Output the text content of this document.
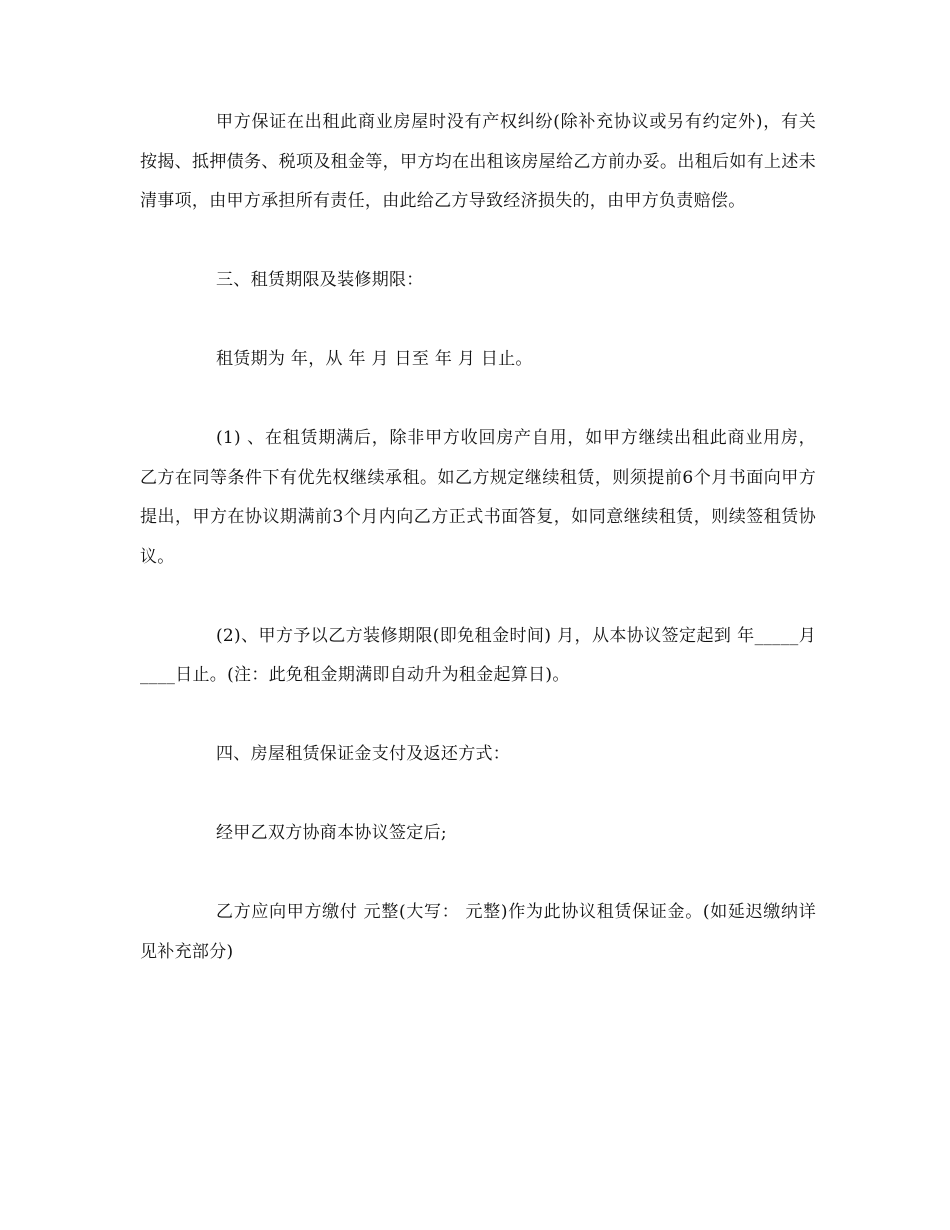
甲方保证在出租此商业房屋时没有产权纠纷(除补充协议或另有约定外)，有关按揭、抵押债务、税项及租金等，甲方均在出租该房屋给乙方前办妥。出租后如有上述未清事项，由甲方承担所有责任，由此给乙方导致经济损失的，由甲方负责赔偿。

三、租赁期限及装修期限：

租赁期为 年，从 年 月 日至 年 月 日止。

(1) 、在租赁期满后，除非甲方收回房产自用，如甲方继续出租此商业用房，乙方在同等条件下有优先权继续承租。如乙方规定继续租赁，则须提前6个月书面向甲方提出，甲方在协议期满前3个月内向乙方正式书面答复，如同意继续租赁，则续签租赁协议。

(2)、甲方予以乙方装修期限(即免租金时间) 月，从本协议签定起到 年_____月____日止。(注：此免租金期满即自动升为租金起算日)。

四、房屋租赁保证金支付及返还方式：

经甲乙双方协商本协议签定后;

乙方应向甲方缴付 元整(大写： 元整)作为此协议租赁保证金。(如延迟缴纳详见补充部分)
